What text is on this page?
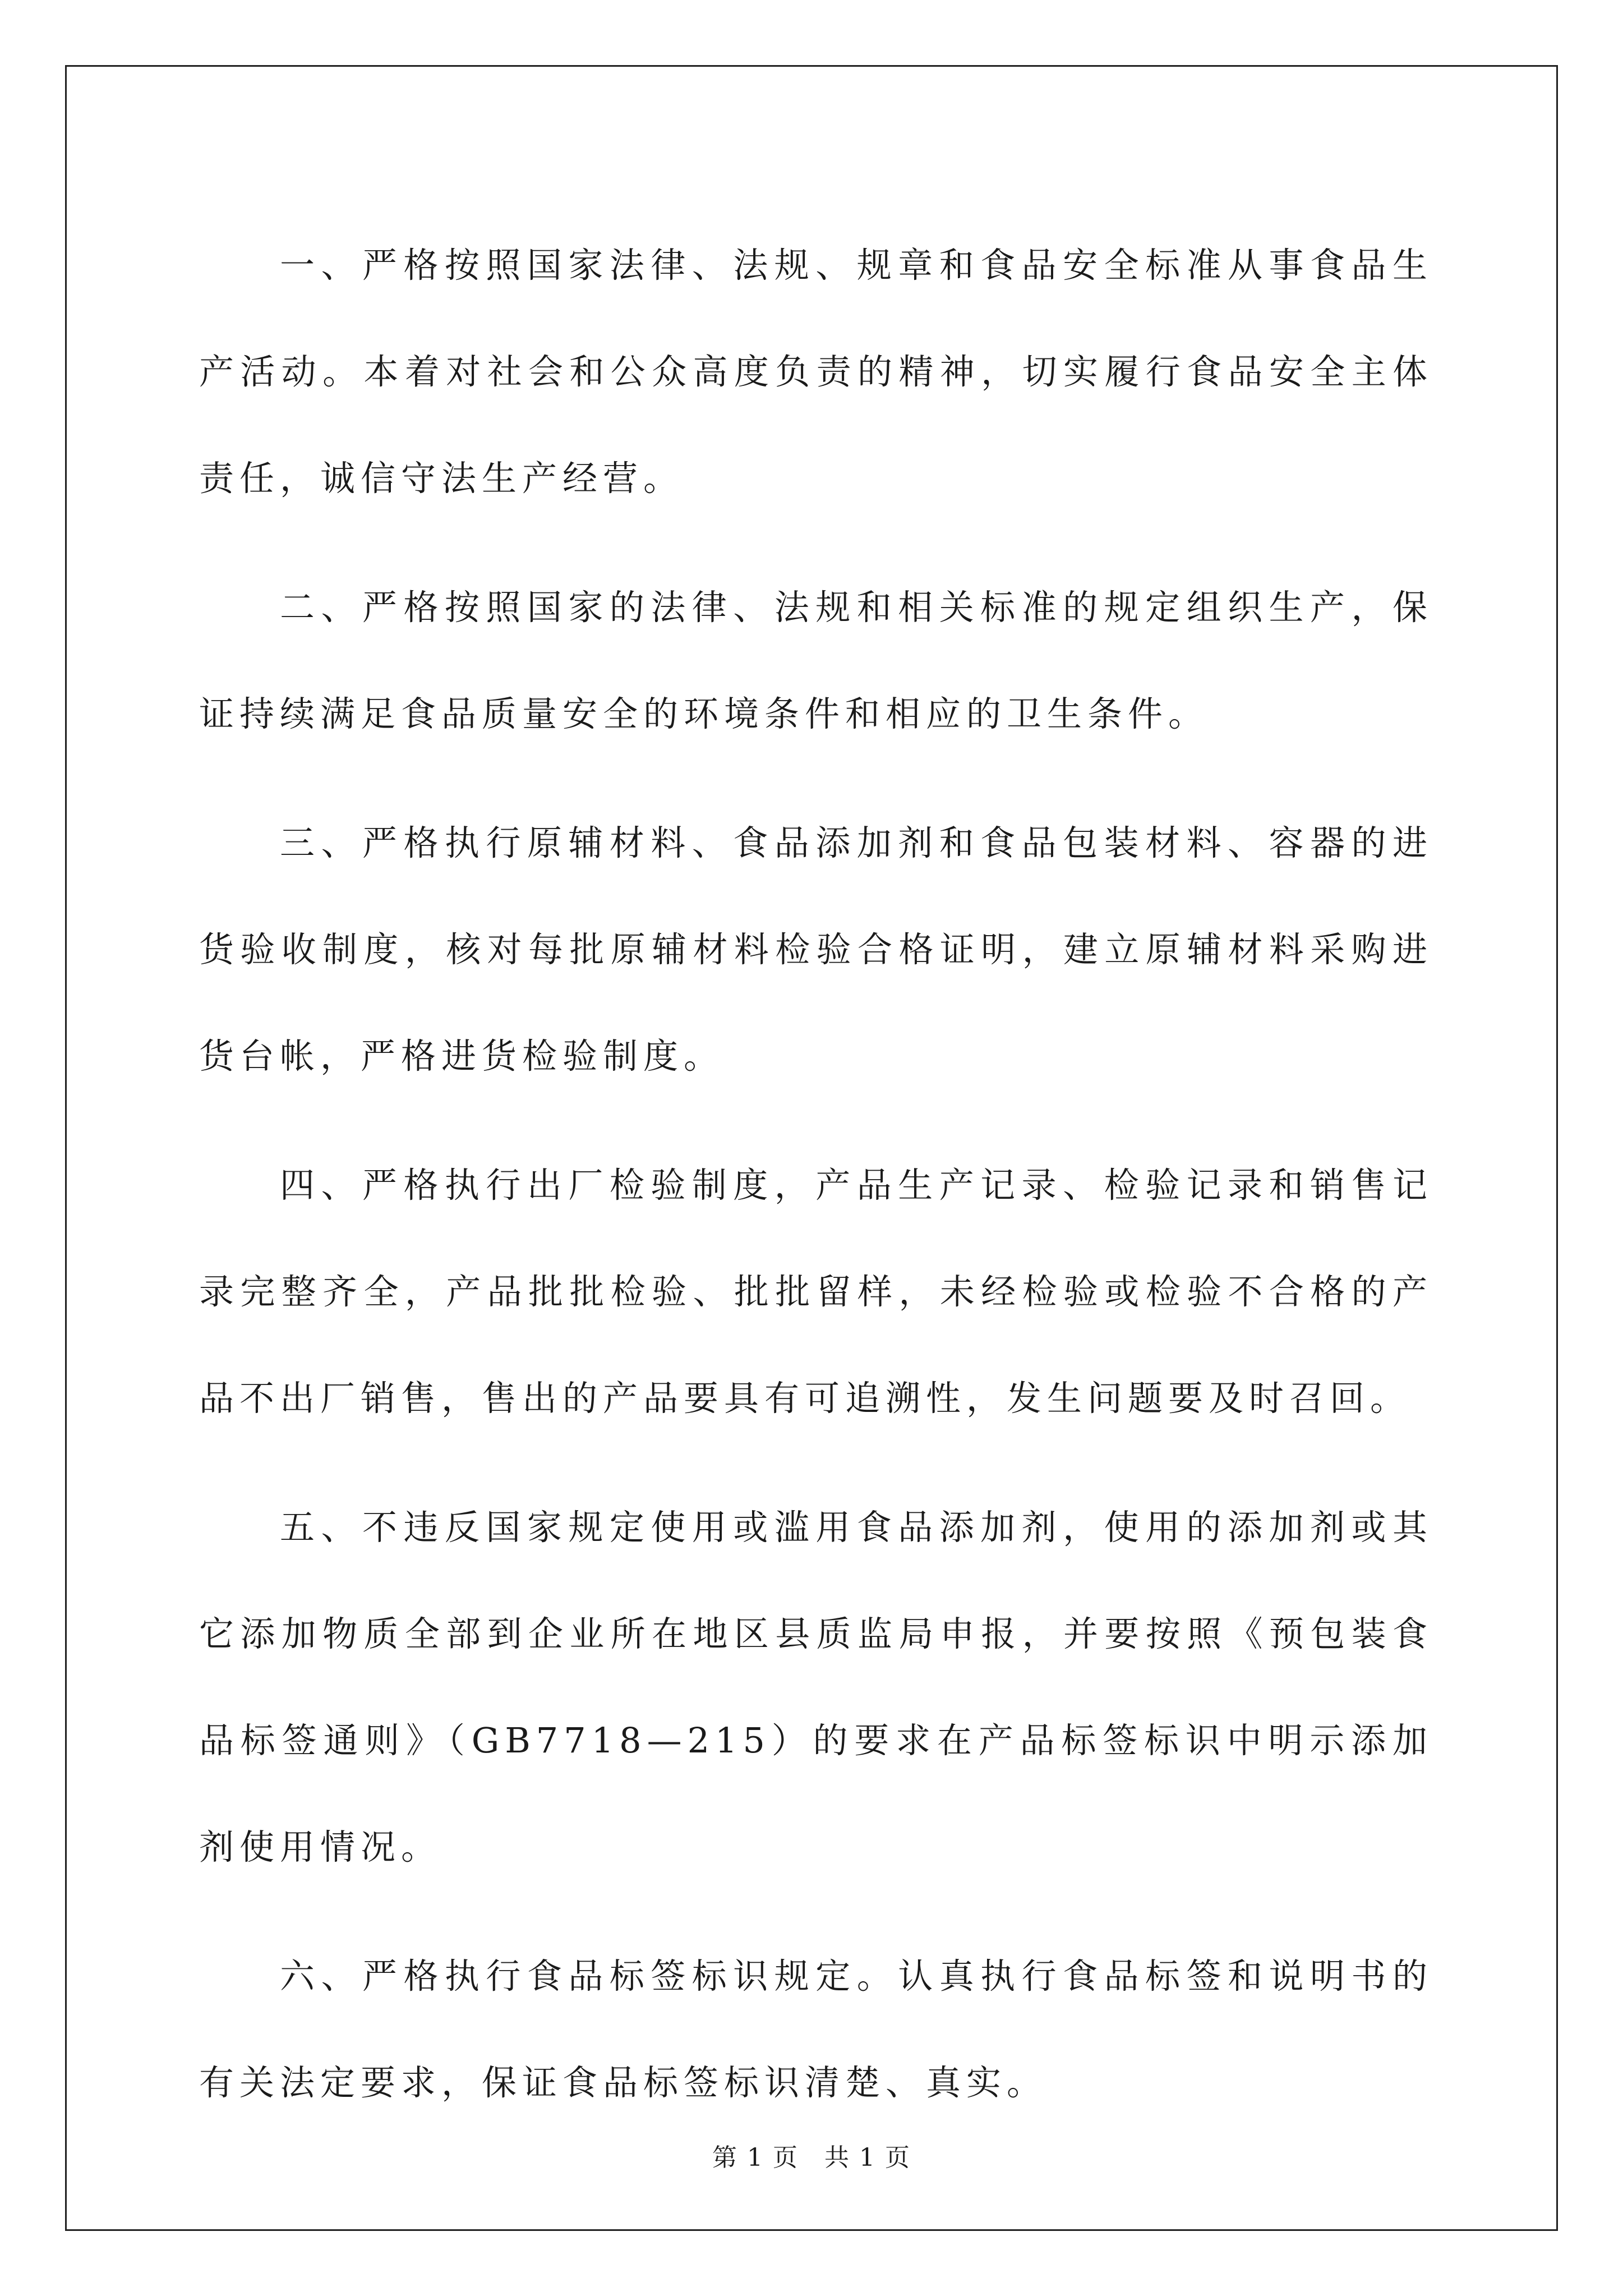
一、严格按照国家法律、法规、规章和食品安全标准从事食品生产活动。本着对社会和公众高度负责的精神，切实履行食品安全主体责任，诚信守法生产经营。

二、严格按照国家的法律、法规和相关标准的规定组织生产，保证持续满足食品质量安全的环境条件和相应的卫生条件。

三、严格执行原辅材料、食品添加剂和食品包装材料、容器的进货验收制度，核对每批原辅材料检验合格证明，建立原辅材料采购进货台帐，严格进货检验制度。

四、严格执行出厂检验制度，产品生产记录、检验记录和销售记录完整齐全，产品批批检验、批批留样，未经检验或检验不合格的产品不出厂销售，售出的产品要具有可追溯性，发生问题要及时召回。

五、不违反国家规定使用或滥用食品添加剂，使用的添加剂或其它添加物质全部到企业所在地区县质监局申报，并要按照《预包装食品标签通则》（GB7718—215）的要求在产品标签标识中明示添加剂使用情况。

六、严格执行食品标签标识规定。认真执行食品标签和说明书的有关法定要求，保证食品标签标识清楚、真实。

第 1 页　共 1 页
